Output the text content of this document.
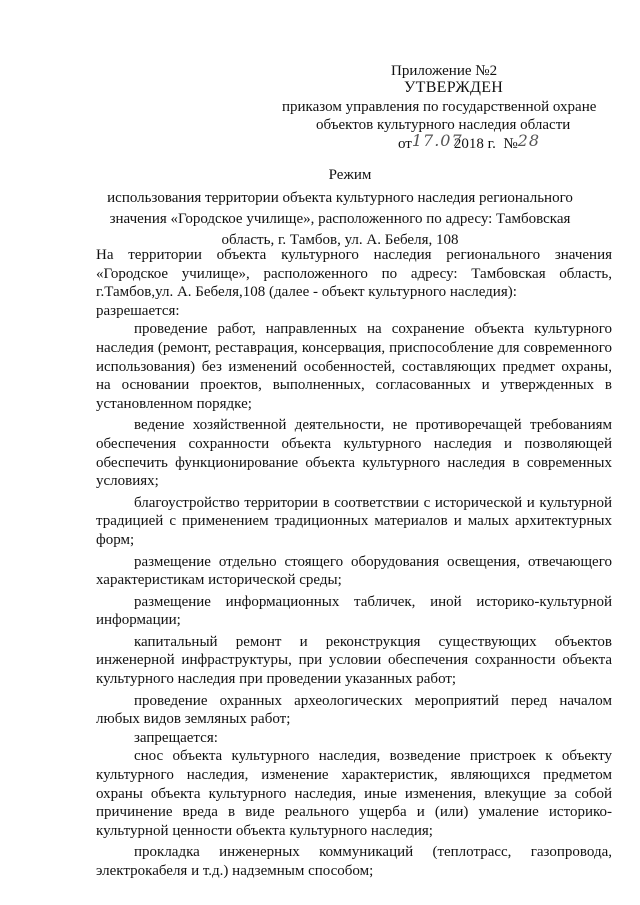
Приложение №2
УТВЕРЖДЕН
приказом управления по государственной охране
объектов культурного наследия области
от17.072018 г. №28
Режим
использования территории объекта культурного наследия регионального
значения «Городское училище», расположенного по адресу: Тамбовская
область, г. Тамбов, ул. А. Бебеля, 108

На территории объекта культурного наследия регионального значения «Городское училище», расположенного по адресу: Тамбовская область, г.Тамбов,ул. А. Бебеля,108 (далее - объект культурного наследия):

разрешается:

проведение работ, направленных на сохранение объекта культурного наследия (ремонт, реставрация, консервация, приспособление для современного использования) без изменений особенностей, составляющих предмет охраны, на основании проектов, выполненных, согласованных и утвержденных в установленном порядке;

ведение хозяйственной деятельности, не противоречащей требованиям обеспечения сохранности объекта культурного наследия и позволяющей обеспечить функционирование объекта культурного наследия в современных условиях;

благоустройство территории в соответствии с исторической и культурной традицией с применением традиционных материалов и малых архитектурных форм;

размещение отдельно стоящего оборудования освещения, отвечающего характеристикам исторической среды;

размещение информационных табличек, иной историко-культурной информации;

капитальный ремонт и реконструкция существующих объектов инженерной инфраструктуры, при условии обеспечения сохранности объекта культурного наследия при проведении указанных работ;

проведение охранных археологических мероприятий перед началом любых видов земляных работ;

запрещается:

снос объекта культурного наследия, возведение пристроек к объекту культурного наследия, изменение характеристик, являющихся предметом охраны объекта культурного наследия, иные изменения, влекущие за собой причинение вреда в виде реального ущерба и (или) умаление историко-культурной ценности объекта культурного наследия;

прокладка инженерных коммуникаций (теплотрасс, газопровода, электрокабеля и т.д.) надземным способом;
